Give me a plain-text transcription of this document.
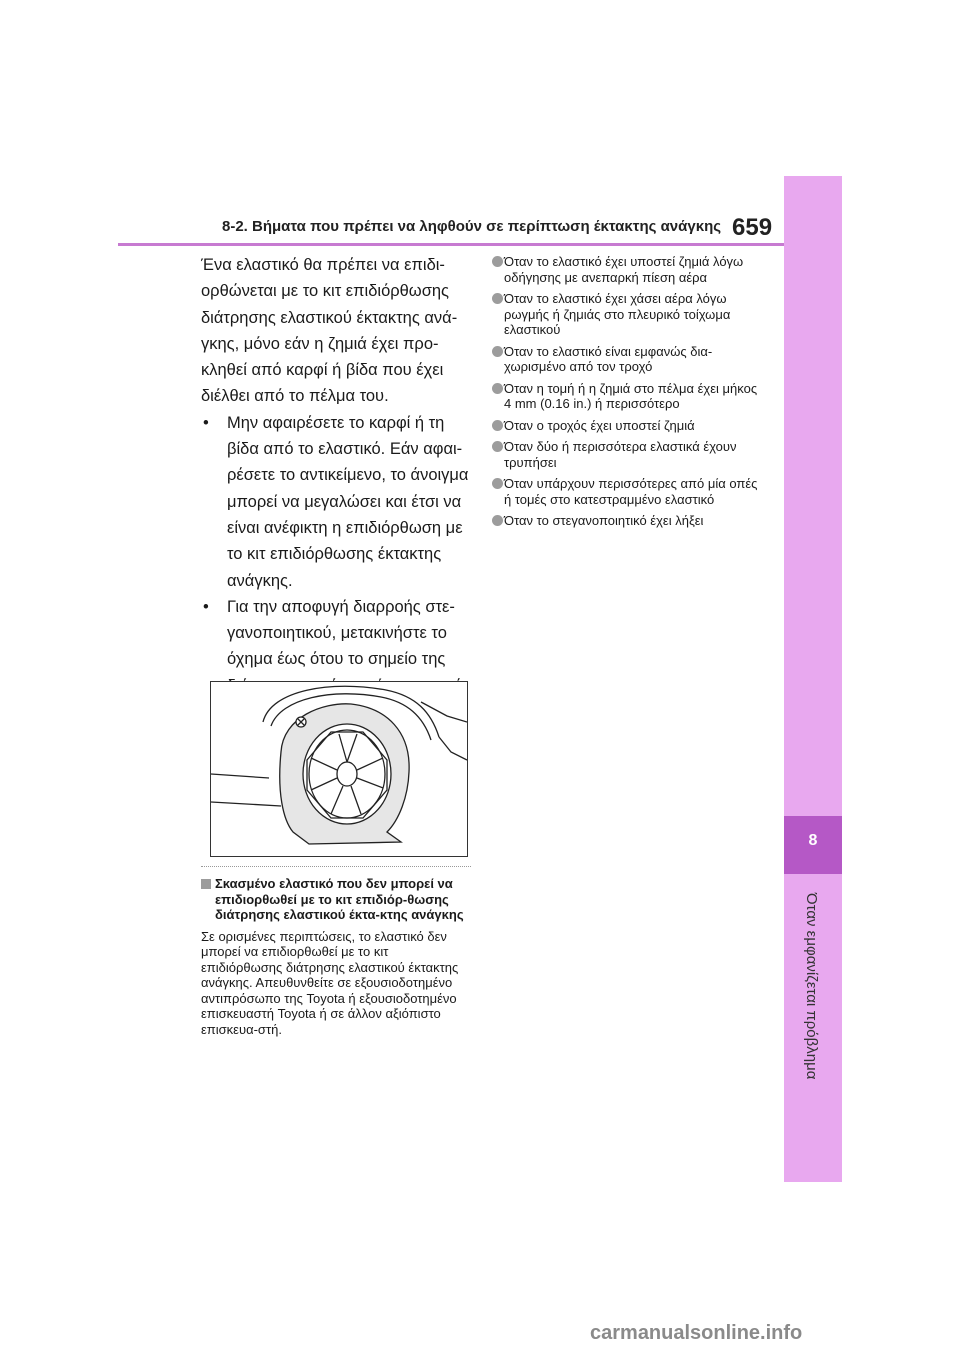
8-2. Βήματα που πρέπει να ληφθούν σε περίπτωση έκτακτης ανάγκης 659
8
Όταν εμφανίζεται πρόβλημα

Ένα ελαστικό θα πρέπει να επιδι-ορθώνεται με το κιτ επιδιόρθωσης διάτρησης ελαστικού έκτακτης ανά-γκης, μόνο εάν η ζημιά έχει προ-κληθεί από καρφί ή βίδα που έχει διέλθει από το πέλμα του.

• Μην αφαιρέσετε το καρφί ή τη βίδα από το ελαστικό. Εάν αφαι-ρέσετε το αντικείμενο, το άνοιγμα μπορεί να μεγαλώσει και έτσι να είναι ανέφικτη η επιδιόρθωση με το κιτ επιδιόρθωσης έκτακτης ανάγκης.
• Για την αποφυγή διαρροής στε-γανοποιητικού, μετακινήστε το όχημα έως ότου το σημείο της
Σκασμένο ελαστικό που δεν μπορεί να επιδιορθωθεί με το κιτ επιδιόρ-θωσης διάτρησης ελαστικού έκτα-κτης ανάγκης
Σε ορισμένες περιπτώσεις, το ελαστικό δεν μπορεί να επιδιορθωθεί με το κιτ επιδιόρθωσης διάτρησης ελαστικού έκτακτης ανάγκης. Απευθυνθείτε σε εξουσιοδοτημένο αντιπρόσωπο της Toyota ή εξουσιοδοτημένο επισκευαστή Toyota ή σε άλλον αξιόπιστο επισκευα-στή.
Όταν το ελαστικό έχει υποστεί ζημιά λόγω οδήγησης με ανεπαρκή πίεση αέρα
Όταν το ελαστικό έχει χάσει αέρα λόγω ρωγμής ή ζημιάς στο πλευρικό τοίχωμα ελαστικού
Όταν το ελαστικό είναι εμφανώς δια-χωρισμένο από τον τροχό
Όταν η τομή ή η ζημιά στο πέλμα έχει μήκος 4 mm (0.16 in.) ή περισσότερο
Όταν ο τροχός έχει υποστεί ζημιά
Όταν δύο ή περισσότερα ελαστικά έχουν τρυπήσει
Όταν υπάρχουν περισσότερες από μία οπές ή τομές στο κατεστραμμένο ελαστικό
Όταν το στεγανοποιητικό έχει λήξει
carmanualsonline.info
